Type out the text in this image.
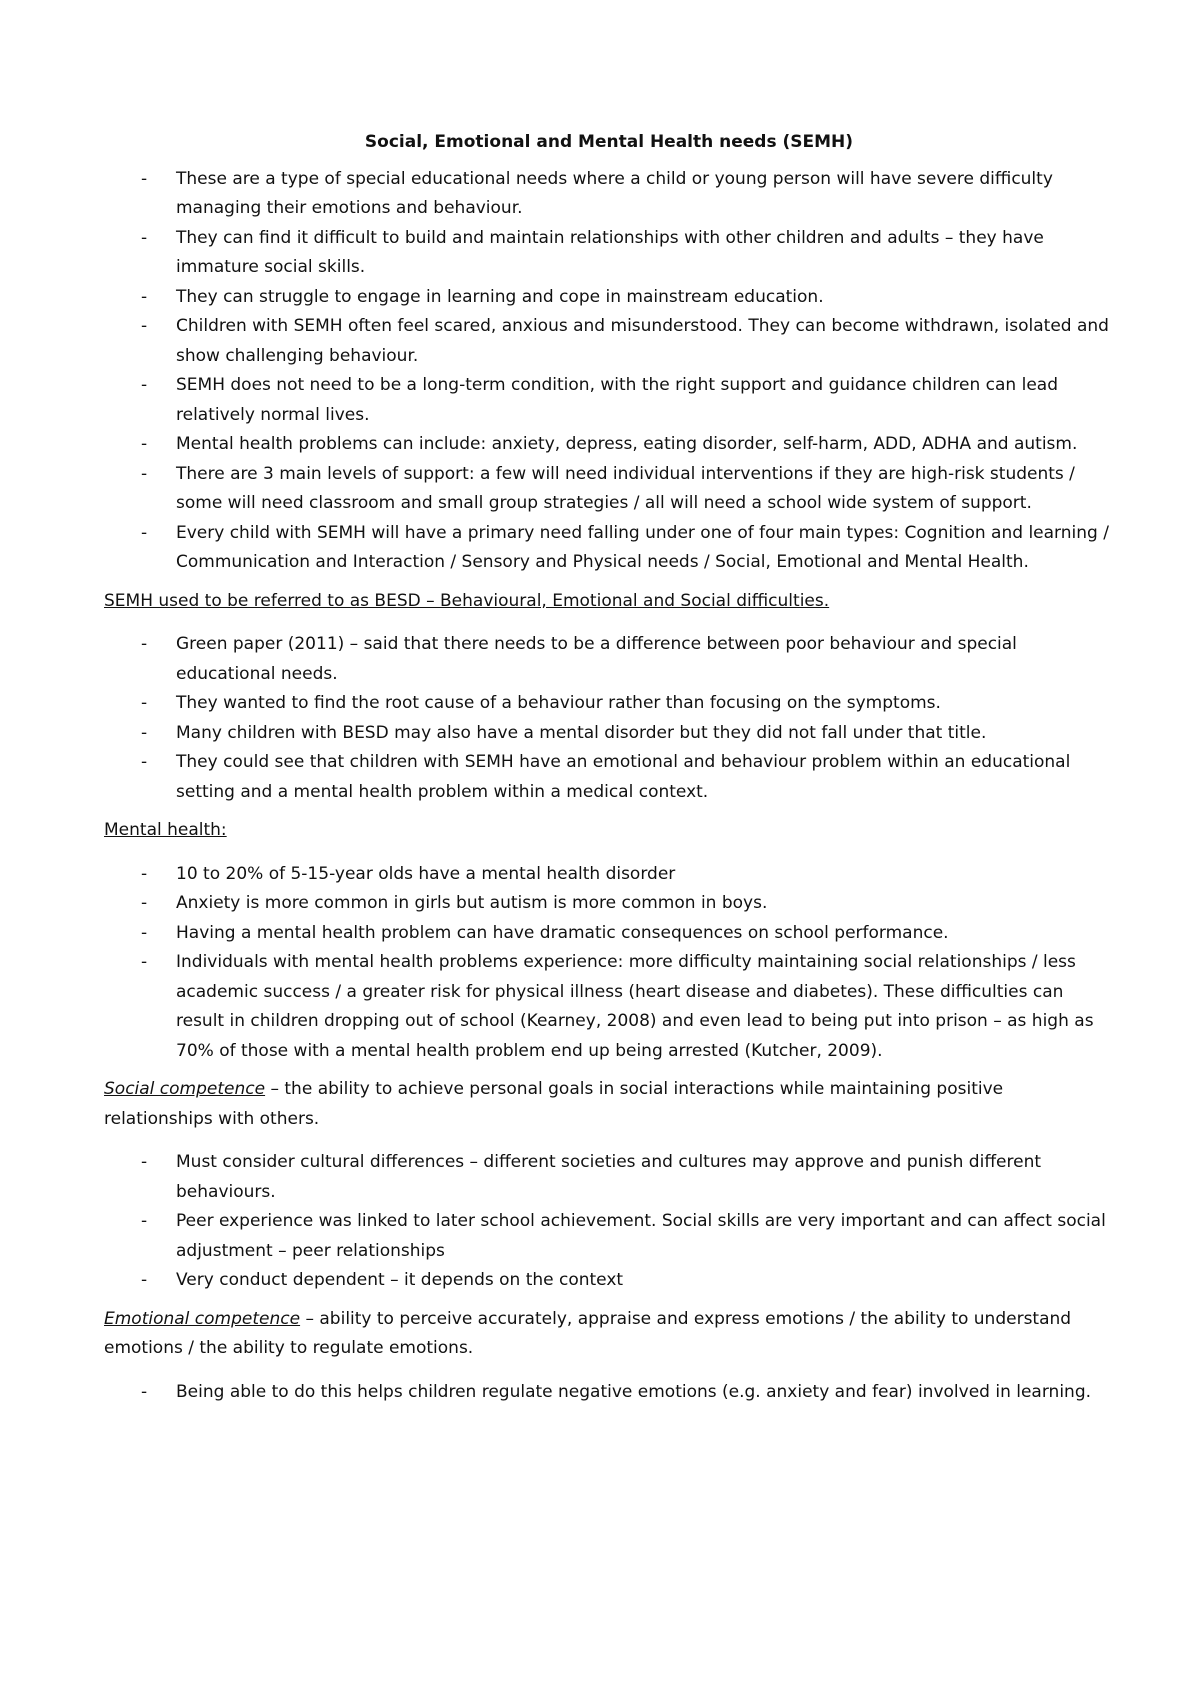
Social, Emotional and Mental Health needs (SEMH)
- These are a type of special educational needs where a child or young person will have severe difficulty managing their emotions and behaviour.
- They can find it difficult to build and maintain relationships with other children and adults – they have immature social skills.
- They can struggle to engage in learning and cope in mainstream education.
- Children with SEMH often feel scared, anxious and misunderstood. They can become withdrawn, isolated and show challenging behaviour.
- SEMH does not need to be a long-term condition, with the right support and guidance children can lead relatively normal lives.
- Mental health problems can include: anxiety, depress, eating disorder, self-harm, ADD, ADHA and autism.
- There are 3 main levels of support: a few will need individual interventions if they are high-risk students / some will need classroom and small group strategies / all will need a school wide system of support.
- Every child with SEMH will have a primary need falling under one of four main types: Cognition and learning / Communication and Interaction / Sensory and Physical needs / Social, Emotional and Mental Health.
SEMH used to be referred to as BESD – Behavioural, Emotional and Social difficulties.
- Green paper (2011) – said that there needs to be a difference between poor behaviour and special educational needs.
- They wanted to find the root cause of a behaviour rather than focusing on the symptoms.
- Many children with BESD may also have a mental disorder but they did not fall under that title.
- They could see that children with SEMH have an emotional and behaviour problem within an educational setting and a mental health problem within a medical context.
Mental health:
- 10 to 20% of 5-15-year olds have a mental health disorder
- Anxiety is more common in girls but autism is more common in boys.
- Having a mental health problem can have dramatic consequences on school performance.
- Individuals with mental health problems experience: more difficulty maintaining social relationships / less academic success / a greater risk for physical illness (heart disease and diabetes). These difficulties can result in children dropping out of school (Kearney, 2008) and even lead to being put into prison – as high as 70% of those with a mental health problem end up being arrested (Kutcher, 2009).
Social competence – the ability to achieve personal goals in social interactions while maintaining positive relationships with others.
- Must consider cultural differences – different societies and cultures may approve and punish different behaviours.
- Peer experience was linked to later school achievement. Social skills are very important and can affect social adjustment – peer relationships
- Very conduct dependent – it depends on the context
Emotional competence – ability to perceive accurately, appraise and express emotions / the ability to understand emotions / the ability to regulate emotions.
- Being able to do this helps children regulate negative emotions (e.g. anxiety and fear) involved in learning.
